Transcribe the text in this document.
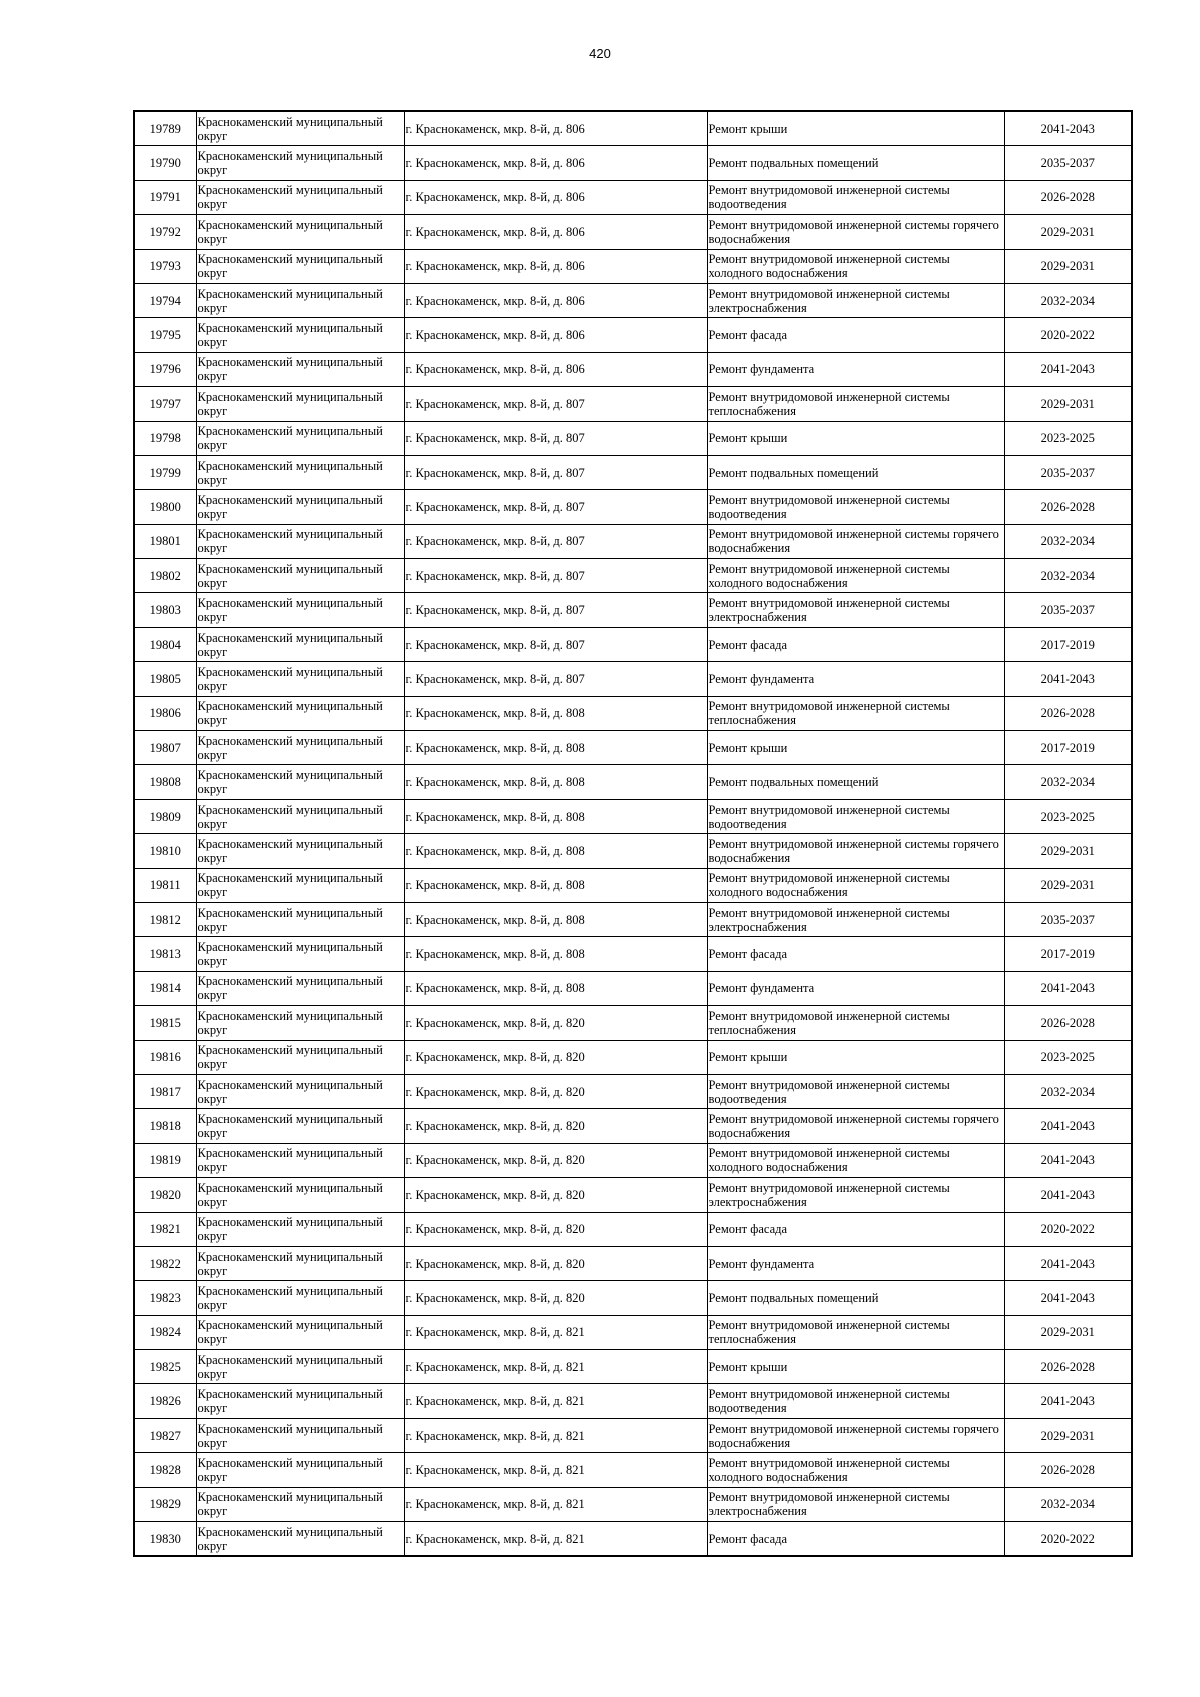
420
19789	Краснокаменский муниципальный округ	г. Краснокаменск, мкр. 8-й, д. 806	Ремонт крыши	2041-2043
19790	Краснокаменский муниципальный округ	г. Краснокаменск, мкр. 8-й, д. 806	Ремонт подвальных помещений	2035-2037
19791	Краснокаменский муниципальный округ	г. Краснокаменск, мкр. 8-й, д. 806	Ремонт внутридомовой инженерной системы водоотведения	2026-2028
19792	Краснокаменский муниципальный округ	г. Краснокаменск, мкр. 8-й, д. 806	Ремонт внутридомовой инженерной системы горячего водоснабжения	2029-2031
19793	Краснокаменский муниципальный округ	г. Краснокаменск, мкр. 8-й, д. 806	Ремонт внутридомовой инженерной системы холодного водоснабжения	2029-2031
19794	Краснокаменский муниципальный округ	г. Краснокаменск, мкр. 8-й, д. 806	Ремонт внутридомовой инженерной системы электроснабжения	2032-2034
19795	Краснокаменский муниципальный округ	г. Краснокаменск, мкр. 8-й, д. 806	Ремонт фасада	2020-2022
19796	Краснокаменский муниципальный округ	г. Краснокаменск, мкр. 8-й, д. 806	Ремонт фундамента	2041-2043
19797	Краснокаменский муниципальный округ	г. Краснокаменск, мкр. 8-й, д. 807	Ремонт внутридомовой инженерной системы теплоснабжения	2029-2031
19798	Краснокаменский муниципальный округ	г. Краснокаменск, мкр. 8-й, д. 807	Ремонт крыши	2023-2025
19799	Краснокаменский муниципальный округ	г. Краснокаменск, мкр. 8-й, д. 807	Ремонт подвальных помещений	2035-2037
19800	Краснокаменский муниципальный округ	г. Краснокаменск, мкр. 8-й, д. 807	Ремонт внутридомовой инженерной системы водоотведения	2026-2028
19801	Краснокаменский муниципальный округ	г. Краснокаменск, мкр. 8-й, д. 807	Ремонт внутридомовой инженерной системы горячего водоснабжения	2032-2034
19802	Краснокаменский муниципальный округ	г. Краснокаменск, мкр. 8-й, д. 807	Ремонт внутридомовой инженерной системы холодного водоснабжения	2032-2034
19803	Краснокаменский муниципальный округ	г. Краснокаменск, мкр. 8-й, д. 807	Ремонт внутридомовой инженерной системы электроснабжения	2035-2037
19804	Краснокаменский муниципальный округ	г. Краснокаменск, мкр. 8-й, д. 807	Ремонт фасада	2017-2019
19805	Краснокаменский муниципальный округ	г. Краснокаменск, мкр. 8-й, д. 807	Ремонт фундамента	2041-2043
19806	Краснокаменский муниципальный округ	г. Краснокаменск, мкр. 8-й, д. 808	Ремонт внутридомовой инженерной системы теплоснабжения	2026-2028
19807	Краснокаменский муниципальный округ	г. Краснокаменск, мкр. 8-й, д. 808	Ремонт крыши	2017-2019
19808	Краснокаменский муниципальный округ	г. Краснокаменск, мкр. 8-й, д. 808	Ремонт подвальных помещений	2032-2034
19809	Краснокаменский муниципальный округ	г. Краснокаменск, мкр. 8-й, д. 808	Ремонт внутридомовой инженерной системы водоотведения	2023-2025
19810	Краснокаменский муниципальный округ	г. Краснокаменск, мкр. 8-й, д. 808	Ремонт внутридомовой инженерной системы горячего водоснабжения	2029-2031
19811	Краснокаменский муниципальный округ	г. Краснокаменск, мкр. 8-й, д. 808	Ремонт внутридомовой инженерной системы холодного водоснабжения	2029-2031
19812	Краснокаменский муниципальный округ	г. Краснокаменск, мкр. 8-й, д. 808	Ремонт внутридомовой инженерной системы электроснабжения	2035-2037
19813	Краснокаменский муниципальный округ	г. Краснокаменск, мкр. 8-й, д. 808	Ремонт фасада	2017-2019
19814	Краснокаменский муниципальный округ	г. Краснокаменск, мкр. 8-й, д. 808	Ремонт фундамента	2041-2043
19815	Краснокаменский муниципальный округ	г. Краснокаменск, мкр. 8-й, д. 820	Ремонт внутридомовой инженерной системы теплоснабжения	2026-2028
19816	Краснокаменский муниципальный округ	г. Краснокаменск, мкр. 8-й, д. 820	Ремонт крыши	2023-2025
19817	Краснокаменский муниципальный округ	г. Краснокаменск, мкр. 8-й, д. 820	Ремонт внутридомовой инженерной системы водоотведения	2032-2034
19818	Краснокаменский муниципальный округ	г. Краснокаменск, мкр. 8-й, д. 820	Ремонт внутридомовой инженерной системы горячего водоснабжения	2041-2043
19819	Краснокаменский муниципальный округ	г. Краснокаменск, мкр. 8-й, д. 820	Ремонт внутридомовой инженерной системы холодного водоснабжения	2041-2043
19820	Краснокаменский муниципальный округ	г. Краснокаменск, мкр. 8-й, д. 820	Ремонт внутридомовой инженерной системы электроснабжения	2041-2043
19821	Краснокаменский муниципальный округ	г. Краснокаменск, мкр. 8-й, д. 820	Ремонт фасада	2020-2022
19822	Краснокаменский муниципальный округ	г. Краснокаменск, мкр. 8-й, д. 820	Ремонт фундамента	2041-2043
19823	Краснокаменский муниципальный округ	г. Краснокаменск, мкр. 8-й, д. 820	Ремонт подвальных помещений	2041-2043
19824	Краснокаменский муниципальный округ	г. Краснокаменск, мкр. 8-й, д. 821	Ремонт внутридомовой инженерной системы теплоснабжения	2029-2031
19825	Краснокаменский муниципальный округ	г. Краснокаменск, мкр. 8-й, д. 821	Ремонт крыши	2026-2028
19826	Краснокаменский муниципальный округ	г. Краснокаменск, мкр. 8-й, д. 821	Ремонт внутридомовой инженерной системы водоотведения	2041-2043
19827	Краснокаменский муниципальный округ	г. Краснокаменск, мкр. 8-й, д. 821	Ремонт внутридомовой инженерной системы горячего водоснабжения	2029-2031
19828	Краснокаменский муниципальный округ	г. Краснокаменск, мкр. 8-й, д. 821	Ремонт внутридомовой инженерной системы холодного водоснабжения	2026-2028
19829	Краснокаменский муниципальный округ	г. Краснокаменск, мкр. 8-й, д. 821	Ремонт внутридомовой инженерной системы электроснабжения	2032-2034
19830	Краснокаменский муниципальный округ	г. Краснокаменск, мкр. 8-й, д. 821	Ремонт фасада	2020-2022
